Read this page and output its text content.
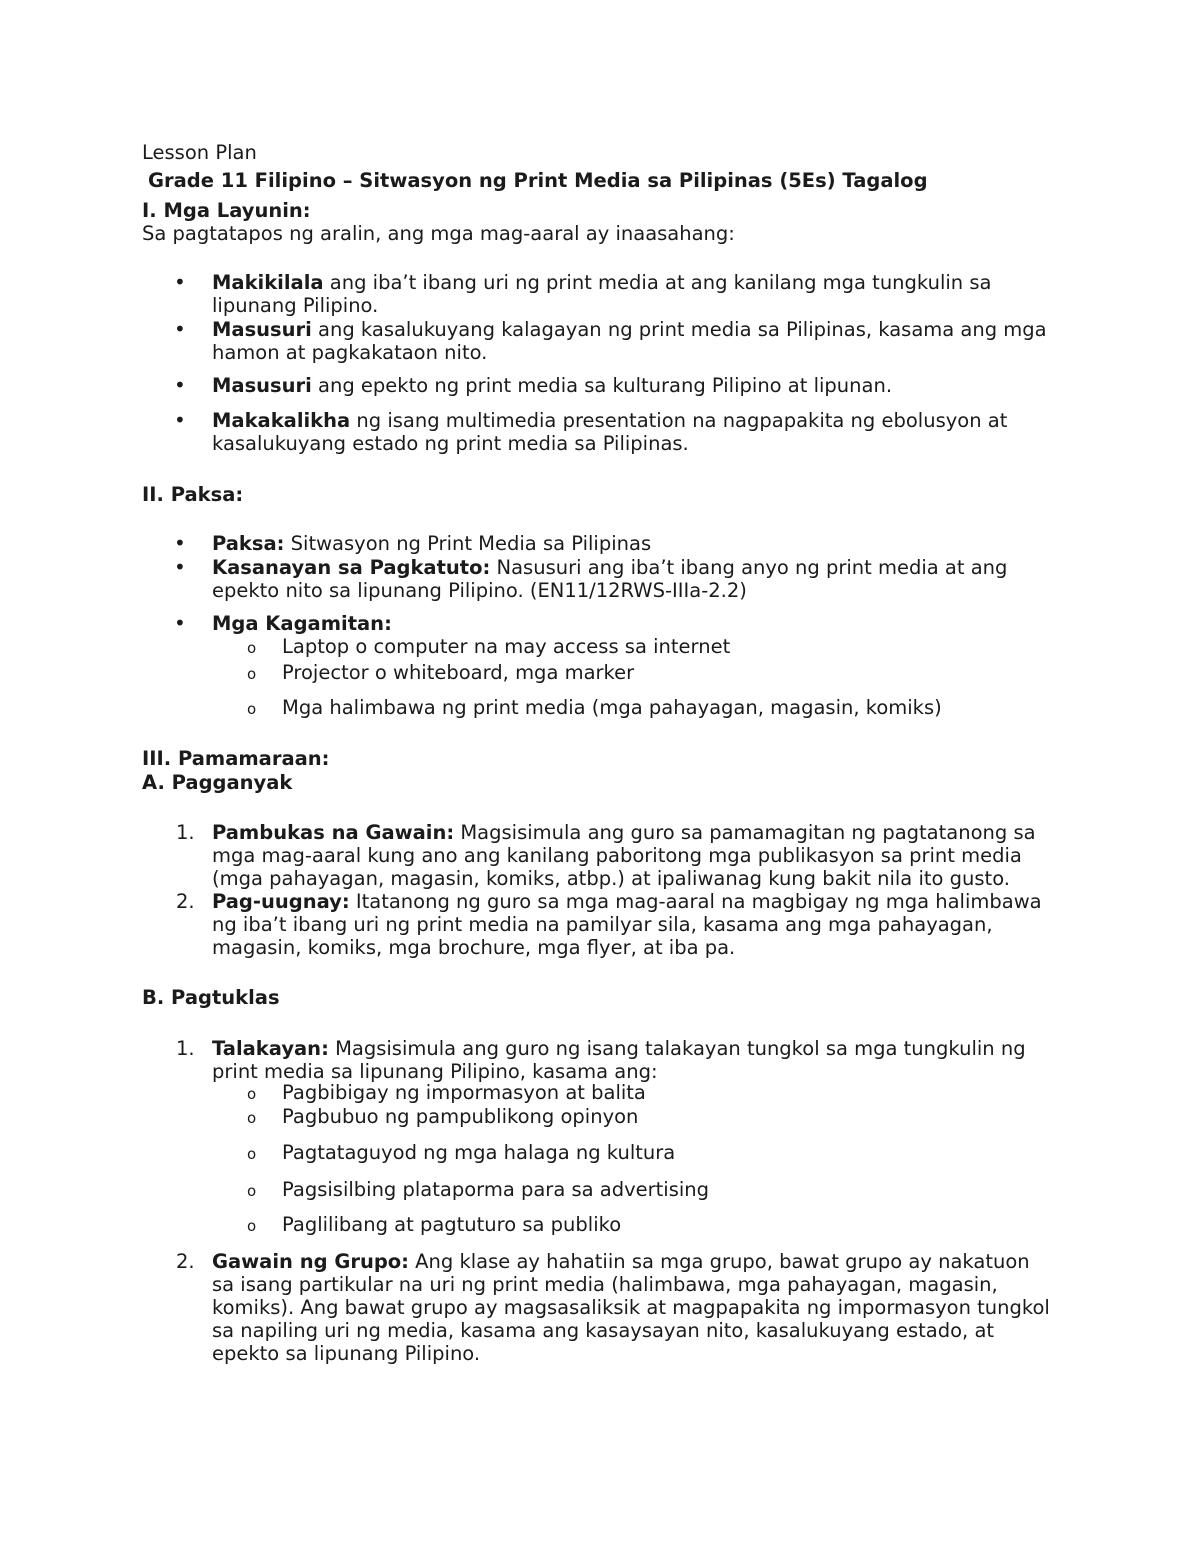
Lesson Plan
Grade 11 Filipino – Sitwasyon ng Print Media sa Pilipinas (5Es) Tagalog
I. Mga Layunin:
Sa pagtatapos ng aralin, ang mga mag-aaral ay inaasahang:
• Makikilala ang iba’t ibang uri ng print media at ang kanilang mga tungkulin sa
lipunang Pilipino.
• Masusuri ang kasalukuyang kalagayan ng print media sa Pilipinas, kasama ang mga
hamon at pagkakataon nito.
• Masusuri ang epekto ng print media sa kulturang Pilipino at lipunan.
• Makakalikha ng isang multimedia presentation na nagpapakita ng ebolusyon at
kasalukuyang estado ng print media sa Pilipinas.
II. Paksa:
• Paksa: Sitwasyon ng Print Media sa Pilipinas
• Kasanayan sa Pagkatuto: Nasusuri ang iba’t ibang anyo ng print media at ang
epekto nito sa lipunang Pilipino. (EN11/12RWS-IIIa-2.2)
• Mga Kagamitan:
o Laptop o computer na may access sa internet
o Projector o whiteboard, mga marker
o Mga halimbawa ng print media (mga pahayagan, magasin, komiks)
III. Pamamaraan:
A. Pagganyak
1. Pambukas na Gawain: Magsisimula ang guro sa pamamagitan ng pagtatanong sa
mga mag-aaral kung ano ang kanilang paboritong mga publikasyon sa print media
(mga pahayagan, magasin, komiks, atbp.) at ipaliwanag kung bakit nila ito gusto.
2. Pag-uugnay: Itatanong ng guro sa mga mag-aaral na magbigay ng mga halimbawa
ng iba’t ibang uri ng print media na pamilyar sila, kasama ang mga pahayagan,
magasin, komiks, mga brochure, mga flyer, at iba pa.
B. Pagtuklas
1. Talakayan: Magsisimula ang guro ng isang talakayan tungkol sa mga tungkulin ng
print media sa lipunang Pilipino, kasama ang:
o Pagbibigay ng impormasyon at balita
o Pagbubuo ng pampublikong opinyon
o Pagtataguyod ng mga halaga ng kultura
o Pagsisilbing plataporma para sa advertising
o Paglilibang at pagtuturo sa publiko
2. Gawain ng Grupo: Ang klase ay hahatiin sa mga grupo, bawat grupo ay nakatuon
sa isang partikular na uri ng print media (halimbawa, mga pahayagan, magasin,
komiks). Ang bawat grupo ay magsasaliksik at magpapakita ng impormasyon tungkol
sa napiling uri ng media, kasama ang kasaysayan nito, kasalukuyang estado, at
epekto sa lipunang Pilipino.
